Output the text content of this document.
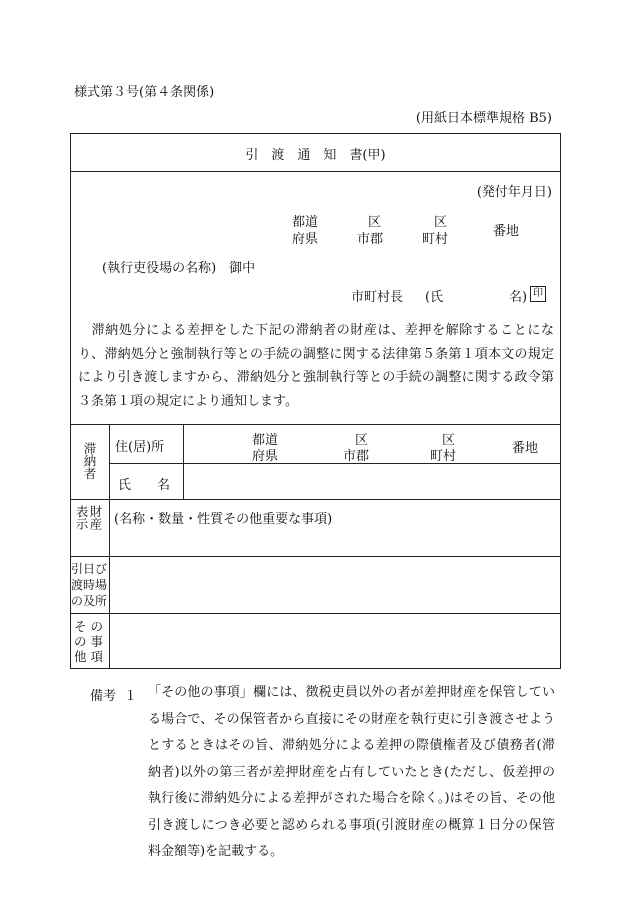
様式第３号(第４条関係)
(用紙日本標準規格 B5)
引　渡　通　知　書(甲)
(発付年月日)
都道
府県
区
市郡
区
町村
番地
(執行吏役場の名称)　御中
市町村長 (氏	名) 印
　滞納処分による差押をした下記の滞納者の財産は、差押を解除することになり、滞納処分と強制執行等との手続の調整に関する法律第５条第１項本文の規定により引き渡しますから、滞納処分と強制執行等との手続の調整に関する政令第３条第１項の規定により通知します。
滞納者 住(居)所	都道
府県
区
市郡
区
町村
番地
氏　　名
財産
表示 (名称・数量・性質その他重要な事項)
引日び
渡時場
の及所
そ の
の 事
他 項
備考 １ 「その他の事項」欄には、徴税吏員以外の者が差押財産を保管している場合で、その保管者から直接にその財産を執行吏に引き渡させようとするときはその旨、滞納処分による差押の際債権者及び債務者(滞納者)以外の第三者が差押財産を占有していたとき(ただし、仮差押の執行後に滞納処分による差押がされた場合を除く。)はその旨、その他引き渡しにつき必要と認められる事項(引渡財産の概算１日分の保管料金額等)を記載する。
